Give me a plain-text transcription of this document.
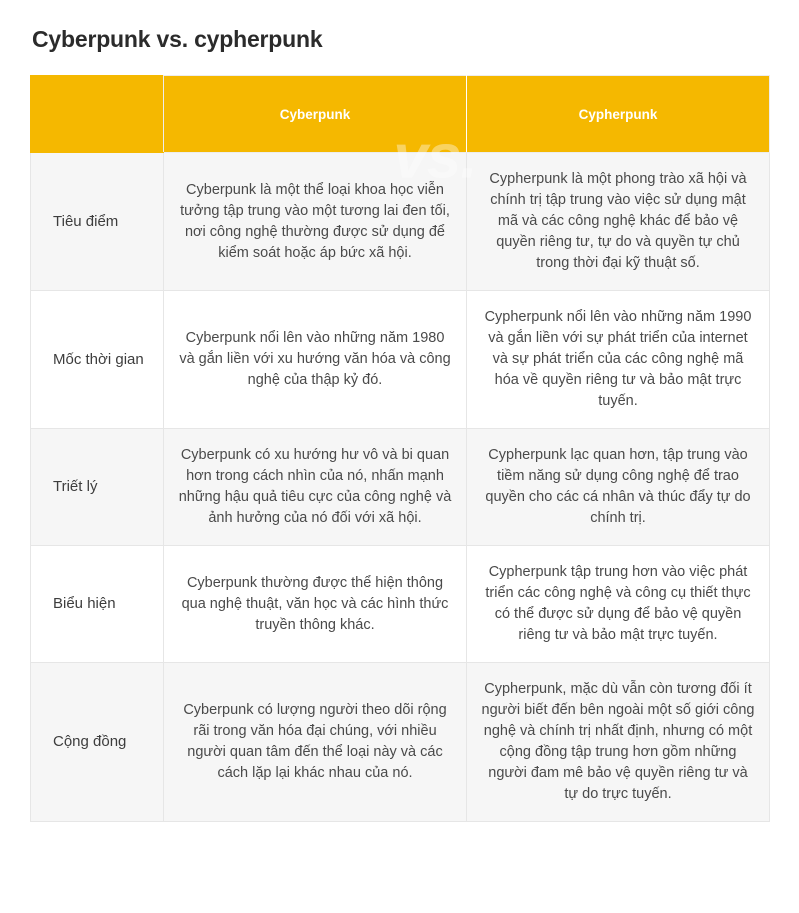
Cyberpunk vs. cypherpunk
vs.
	Cyberpunk	Cypherpunk
Tiêu điểm	Cyberpunk là một thể loại khoa học viễn tưởng tập trung vào một tương lai đen tối, nơi công nghệ thường được sử dụng để kiểm soát hoặc áp bức xã hội.	Cypherpunk là một phong trào xã hội và chính trị tập trung vào việc sử dụng mật mã và các công nghệ khác để bảo vệ quyền riêng tư, tự do và quyền tự chủ trong thời đại kỹ thuật số.
Mốc thời gian	Cyberpunk nổi lên vào những năm 1980 và gắn liền với xu hướng văn hóa và công nghệ của thập kỷ đó.	Cypherpunk nổi lên vào những năm 1990 và gắn liền với sự phát triển của internet và sự phát triển của các công nghệ mã hóa về quyền riêng tư và bảo mật trực tuyến.
Triết lý	Cyberpunk có xu hướng hư vô và bi quan hơn trong cách nhìn của nó, nhấn mạnh những hậu quả tiêu cực của công nghệ và ảnh hưởng của nó đối với xã hội.	Cypherpunk lạc quan hơn, tập trung vào tiềm năng sử dụng công nghệ để trao quyền cho các cá nhân và thúc đẩy tự do chính trị.
Biểu hiện	Cyberpunk thường được thể hiện thông qua nghệ thuật, văn học và các hình thức truyền thông khác.	Cypherpunk tập trung hơn vào việc phát triển các công nghệ và công cụ thiết thực có thể được sử dụng để bảo vệ quyền riêng tư và bảo mật trực tuyến.
Cộng đồng	Cyberpunk có lượng người theo dõi rộng rãi trong văn hóa đại chúng, với nhiều người quan tâm đến thể loại này và các cách lặp lại khác nhau của nó.	Cypherpunk, mặc dù vẫn còn tương đối ít người biết đến bên ngoài một số giới công nghệ và chính trị nhất định, nhưng có một cộng đồng tập trung hơn gồm những người đam mê bảo vệ quyền riêng tư và tự do trực tuyến.
